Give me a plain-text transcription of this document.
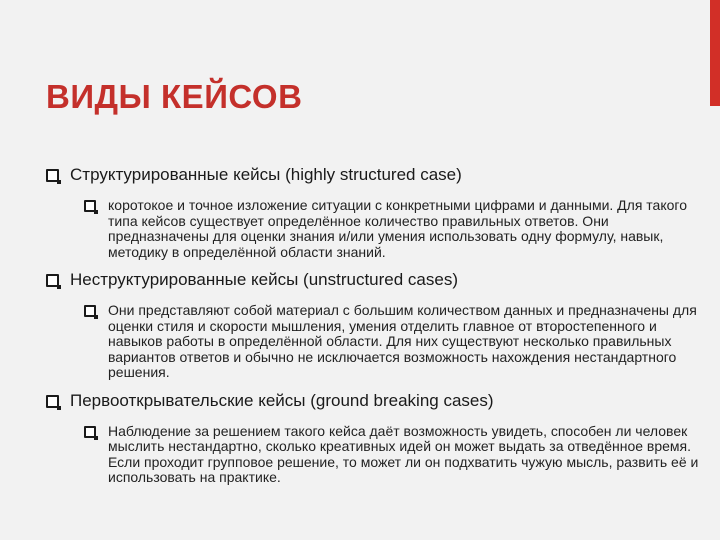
ВИДЫ КЕЙСОВ
Структурированные кейсы (highly structured case)
коротокое и точное изложение ситуации с конкретными цифрами и данными. Для такого типа кейсов существует определённое количество правильных ответов. Они предназначены для оценки знания и/или умения использовать одну формулу, навык, методику в определённой области знаний.
Неструктурированные кейсы (unstructured cases)
Они представляют собой материал с большим количеством данных и предназначены для оценки стиля и скорости мышления, умения отделить главное от второстепенного и навыков работы в определённой области. Для них существуют несколько правильных вариантов ответов и обычно не исключается возможность нахождения нестандартного решения.
Первооткрывательские кейсы (ground breaking cases)
Наблюдение за решением такого кейса даёт возможность увидеть, способен ли человек мыслить нестандартно, сколько креативных идей он может выдать за отведённое время. Если проходит групповое решение, то может ли он подхватить чужую мысль, развить её и использовать на практике.
